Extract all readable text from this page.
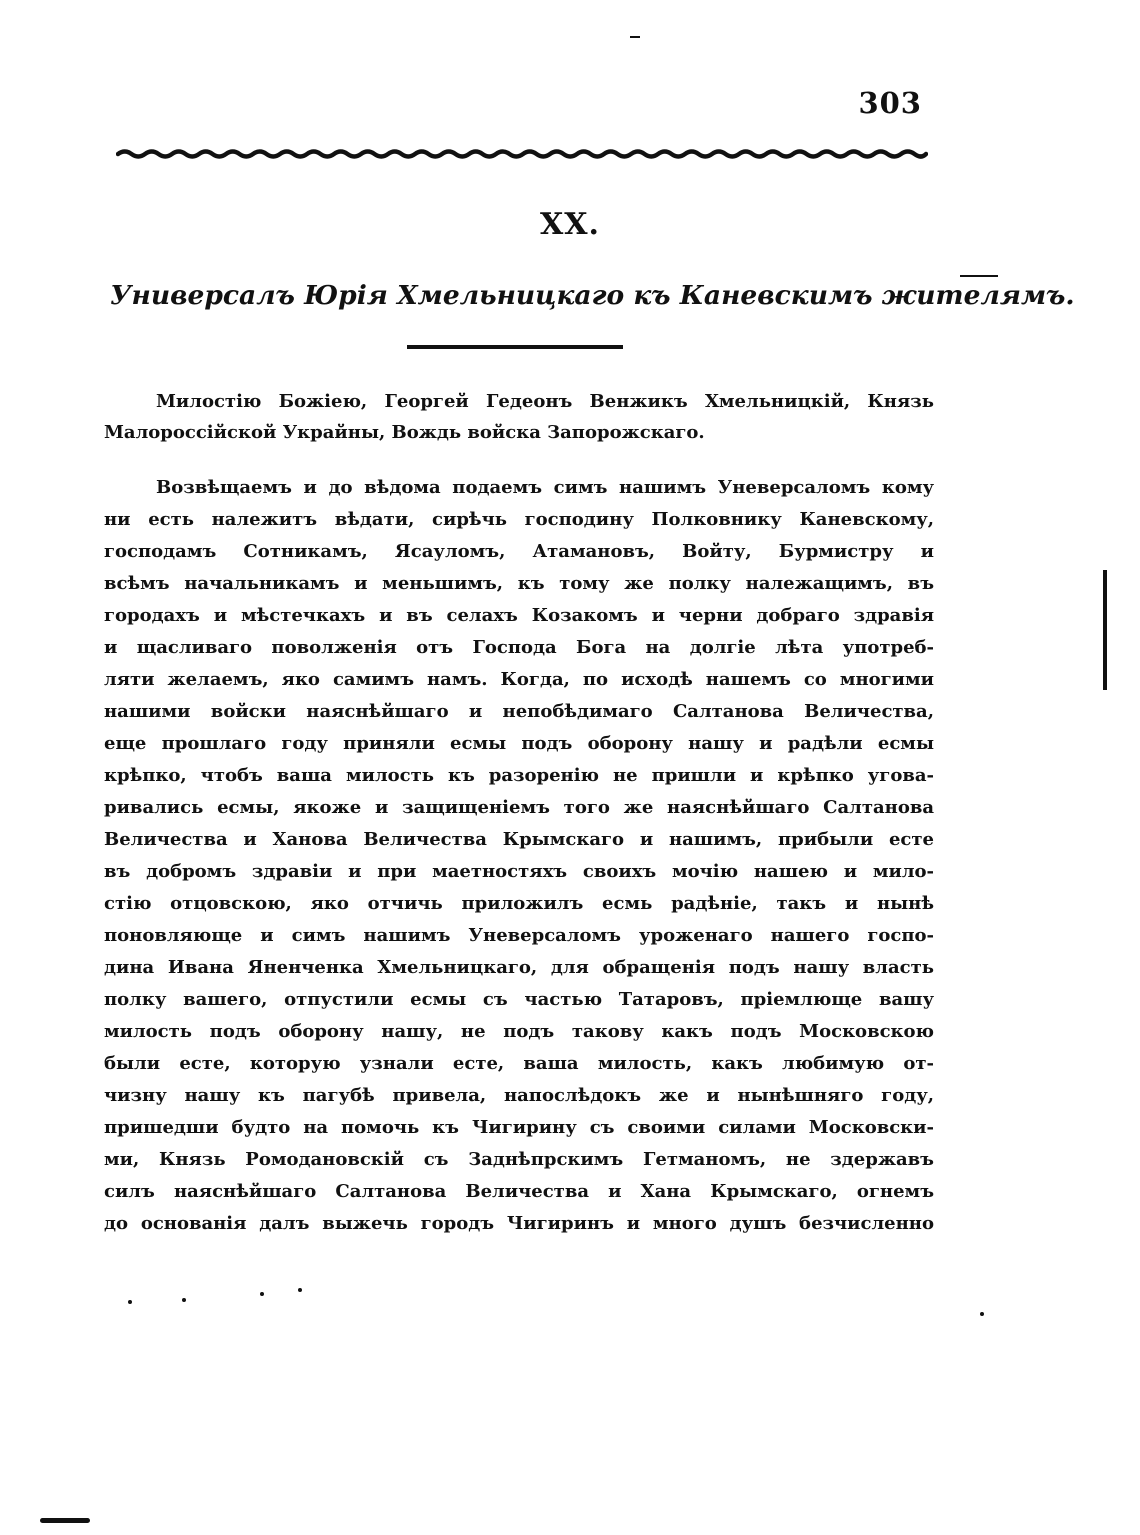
303
XX.
Универсалъ Юрія Хмельницкаго къ Каневскимъ жителямъ.
Милостію Божіею, Георгей Гедеонъ Венжикъ Хмельницкій, Князь Малороссійской Украйны, Вождь войска Запорожскаго.
Возвѣщаемъ и до вѣдома подаемъ симъ нашимъ Уневерсаломъ кому
ни есть належитъ вѣдати, сирѣчь господину Полковнику Каневскому,
господамъ Сотникамъ, Ясауломъ, Атамановъ, Войту, Бурмистру и
всѣмъ начальникамъ и меньшимъ, къ тому же полку належащимъ, въ
городахъ и мѣстечкахъ и въ селахъ Козакомъ и черни добраго здравія
и щасливаго поволженія отъ Господа Бога на долгіе лѣта употреб-
ляти желаемъ, яко самимъ намъ. Когда, по исходѣ нашемъ со многими
нашими войски наяснѣйшаго и непобѣдимаго Салтанова Величества,
еще прошлаго году приняли есмы подъ оборону нашу и радѣли есмы
крѣпко, чтобъ ваша милость къ разоренію не пришли и крѣпко угова-
ривались есмы, якоже и защищеніемъ того же наяснѣйшаго Салтанова
Величества и Ханова Величества Крымскаго и нашимъ, прибыли есте
въ добромъ здравіи и при маетностяхъ своихъ мочію нашею и мило-
стію отцовскою, яко отчичь приложилъ есмь радѣніе, такъ и нынѣ
поновляюще и симъ нашимъ Уневерсаломъ уроженаго нашего госпо-
дина Ивана Яненченка Хмельницкаго, для обращенія подъ нашу власть
полку вашего, отпустили есмы съ частью Татаровъ, пріемлюще вашу
милость подъ оборону нашу, не подъ такову какъ подъ Московскою
были есте, которую узнали есте, ваша милость, какъ любимую от-
чизну нашу къ пагубѣ привела, напослѣдокъ же и нынѣшняго году,
пришедши будто на помочь къ Чигирину съ своими силами Московски-
ми, Князь Ромодановскій съ Заднѣпрскимъ Гетманомъ, не здержавъ
силъ наяснѣйшаго Салтанова Величества и Хана Крымскаго, огнемъ
до основанія далъ выжечь городъ Чигиринъ и много душъ безчисленно
